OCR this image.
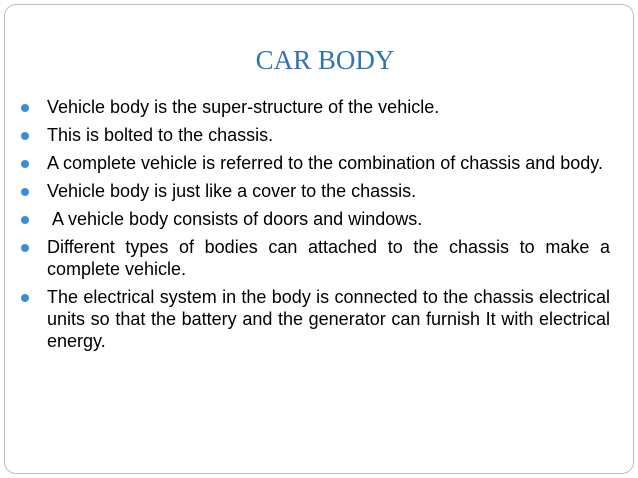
CAR BODY
Vehicle body is the super-structure of the vehicle.
This is bolted to the chassis.
A complete vehicle is referred to the combination of chassis and body.
Vehicle body is just like a cover to the chassis.
A vehicle body consists of doors and windows.
Different types of bodies can attached to the chassis to make a complete vehicle.
The electrical system in the body is connected to the chassis electrical units so that the battery and the generator can furnish It with electrical energy.
